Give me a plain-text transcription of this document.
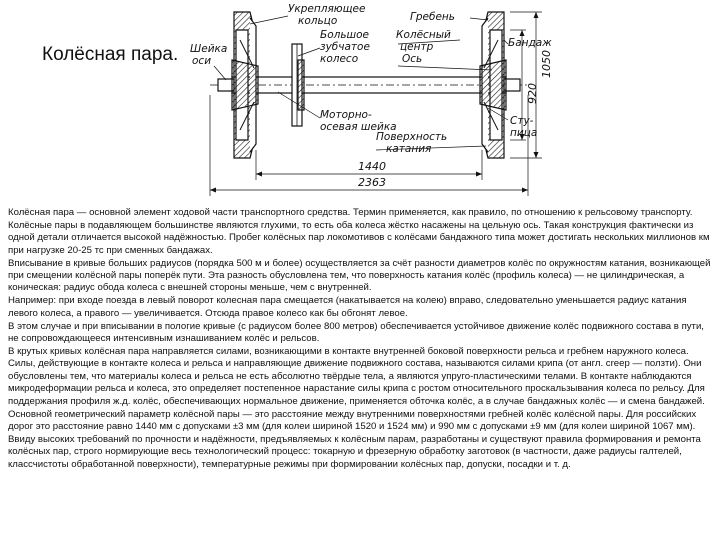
Колёсная пара.
Укрепляющее
кольцо	Гребень
Большое
зубчатое
колесо
Колёсный
центр
Ось
Бандаж
Шейка
оси
Моторно-
осевая шейка	Сту-
пица
Поверхность
катания
1050
920
1440
2363

Колёсная пара — основной элемент ходовой части транспортного средства. Термин применяется, как правило, по отношению к рельсовому транспорту.

Колёсные пары в подавляющем большинстве являются глухими, то есть оба колеса жёстко насажены на цельную ось. Такая конструкция фактически из одной детали отличается высокой надёжностью. Пробег колёсных пар локомотивов с колёсами бандажного типа может достигать нескольких миллионов км при нагрузке 20-25 тс при сменных бандажах.

Вписывание в кривые больших радиусов (порядка 500 м и более) осуществляется за счёт разности диаметров колёс по окружностям катания, возникающей при смещении колёсной пары поперёк пути. Эта разность обусловлена тем, что поверхность катания колёс (профиль колеса) — не цилиндрическая, а коническая: радиус обода колеса с внешней стороны меньше, чем с внутренней.

Например: при входе поезда в левый поворот колесная пара смещается (накатывается на колею) вправо, следовательно уменьшается радиус катания левого колеса, а правого — увеличивается. Отсюда правое колесо как бы обгонят левое.

В этом случае и при вписывании в пологие кривые (с радиусом более 800 метров) обеспечивается устойчивое движение колёс подвижного состава в пути, не сопровождающееся интенсивным изнашиванием колёс и рельсов.

В крутых кривых колёсная пара направляется силами, возникающими в контакте внутренней боковой поверхности рельса и гребнем наружного колеса. Силы, действующие в контакте колеса и рельса и направляющие движение подвижного состава, называются силами крипа (от англ. creep — ползти). Они обусловлены тем, что материалы колеса и рельса не есть абсолютно твёрдые тела, а являются упруго-пластическими телами. В контакте наблюдаются микродеформации рельса и колеса, это определяет постепенное нарастание силы крипа с ростом относительного проскальзывания колеса по рельсу. Для поддержания профиля ж.д. колёс, обеспечивающих нормальное движение, применяется обточка колёс, а в случае бандажных колёс — и смена бандажей.

Основной геометрический параметр колёсной пары — это расстояние между внутренними поверхностями гребней колёс колёсной пары. Для российских дорог это расстояние равно 1440 мм с допусками ±3 мм (для колеи шириной 1520 и 1524 мм) и 990 мм с допусками ±9 мм (для колеи шириной 1067 мм).

Ввиду высоких требований по прочности и надёжности, предъявляемых к колёсным парам, разработаны и существуют правила формирования и ремонта колёсных пар, строго нормирующие весь технологический процесс: токарную и фрезерную обработку заготовок (в частности, даже радиусы галтелей, классчистоты обработанной поверхности), температурные режимы при формировании колёсных пар, допуски, посадки и т. д.
